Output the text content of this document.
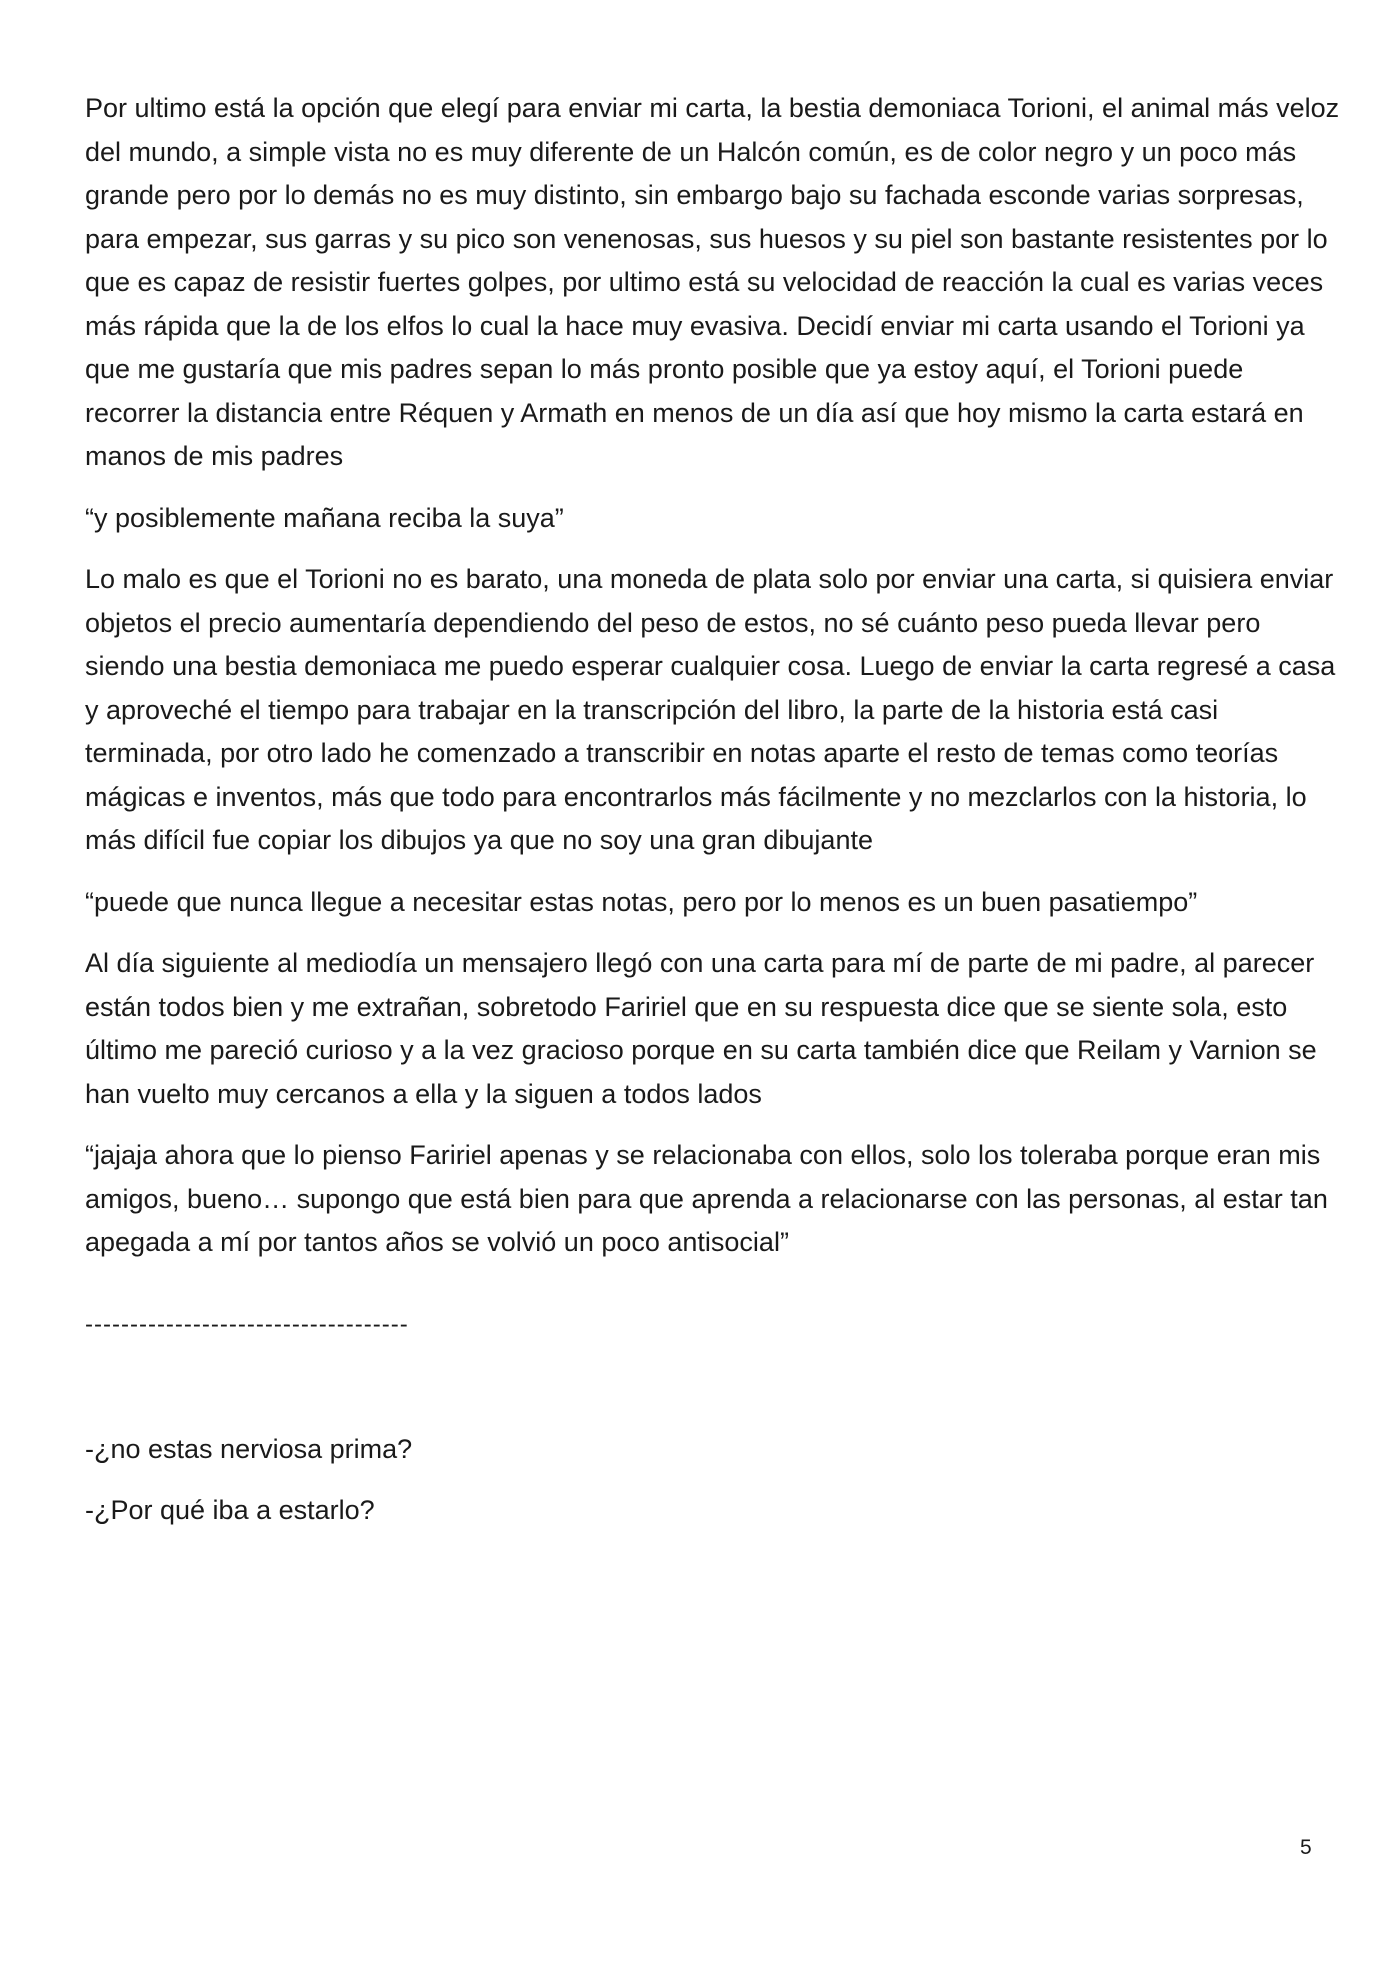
Por ultimo está la opción que elegí para enviar mi carta, la bestia demoniaca Torioni, el animal más veloz del mundo, a simple vista no es muy diferente de un Halcón común, es de color negro y un poco más grande pero por lo demás no es muy distinto, sin embargo bajo su fachada esconde varias sorpresas, para empezar, sus garras y su pico son venenosas, sus huesos y su piel son bastante resistentes por lo que es capaz de resistir fuertes golpes, por ultimo está su velocidad de reacción la cual es varias veces más rápida que la de los elfos lo cual la hace muy evasiva. Decidí enviar mi carta usando el Torioni ya que me gustaría que mis padres sepan lo más pronto posible que ya estoy aquí, el Torioni puede recorrer la distancia entre Réquen y Armath en menos de un día así que hoy mismo la carta estará en manos de mis padres

“y posiblemente mañana reciba la suya”

Lo malo es que el Torioni no es barato, una moneda de plata solo por enviar una carta, si quisiera enviar objetos el precio aumentaría dependiendo del peso de estos, no sé cuánto peso pueda llevar pero siendo una bestia demoniaca me puedo esperar cualquier cosa. Luego de enviar la carta regresé a casa y aproveché el tiempo para trabajar en la transcripción del libro, la parte de la historia está casi terminada, por otro lado he comenzado a transcribir en notas aparte el resto de temas como teorías mágicas e inventos, más que todo para encontrarlos más fácilmente y no mezclarlos con la historia, lo más difícil fue copiar los dibujos ya que no soy una gran dibujante

“puede que nunca llegue a necesitar estas notas, pero por lo menos es un buen pasatiempo”

Al día siguiente al mediodía un mensajero llegó con una carta para mí de parte de mi padre, al parecer están todos bien y me extrañan, sobretodo Faririel que en su respuesta dice que se siente sola, esto último me pareció curioso y a la vez gracioso porque en su carta también dice que Reilam y Varnion se han vuelto muy cercanos a ella y la siguen a todos lados

“jajaja ahora que lo pienso Faririel apenas y se relacionaba con ellos, solo los toleraba porque eran mis amigos, bueno… supongo que está bien para que aprenda a relacionarse con las personas, al estar tan apegada a mí por tantos años se volvió un poco antisocial”

------------------------------------

-¿no estas nerviosa prima?

-¿Por qué iba a estarlo?

5
